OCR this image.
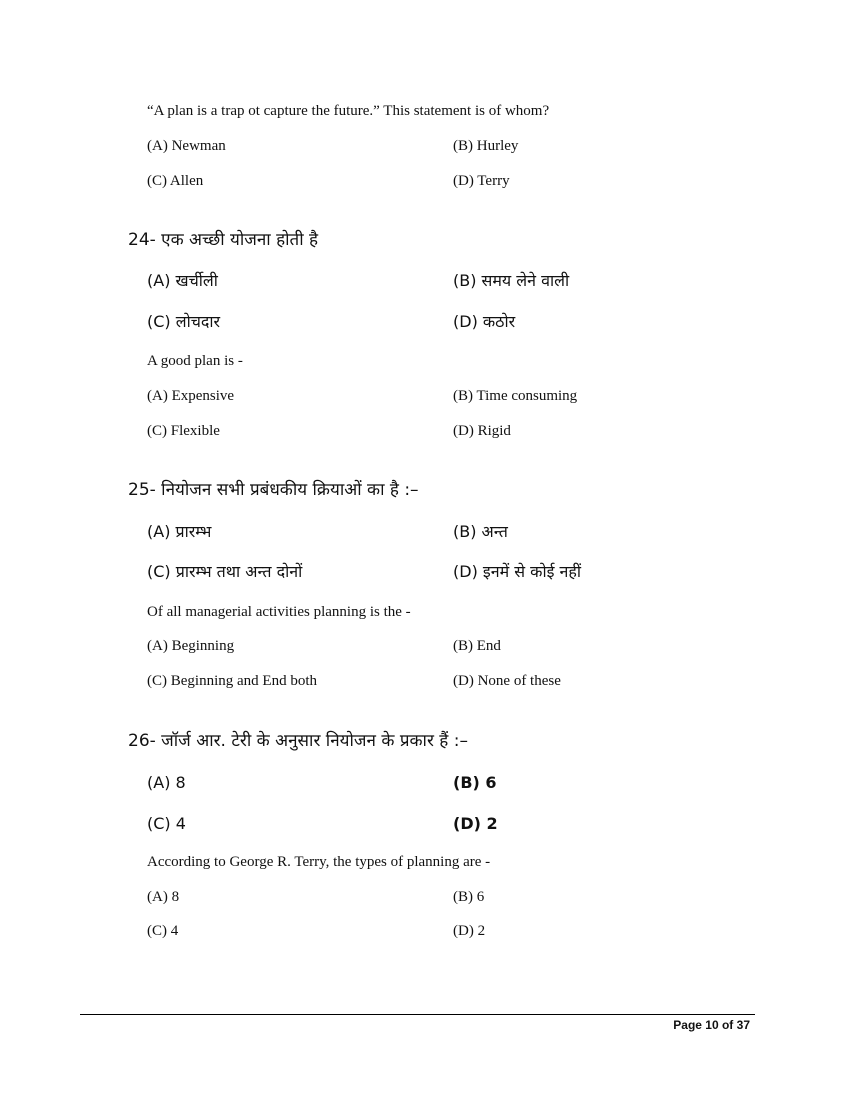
“A plan is a trap ot capture the future.” This statement is of whom?
(A) Newman	(B) Hurley
(C) Allen	(D) Terry
24- एक अच्छी योजना होती है
(A) खर्चीली	(B) समय लेने वाली
(C) लोचदार	(D) कठोर
A good plan is -
(A) Expensive	(B) Time consuming
(C) Flexible	(D) Rigid
25- नियोजन सभी प्रबंधकीय क्रियाओं का है :–
(A) प्रारम्भ	(B) अन्त
(C) प्रारम्भ तथा अन्त दोनों	(D) इनमें से कोई नहीं
Of all managerial activities planning is the -
(A) Beginning	(B) End
(C) Beginning and End both	(D) None of these
26- जॉर्ज आर. टेरी के अनुसार नियोजन के प्रकार हैं :–
(A) 8	(B) 6
(C) 4	(D) 2
According to George R. Terry, the types of planning are -
(A) 8	(B) 6
(C) 4	(D) 2
Page 10 of 37
